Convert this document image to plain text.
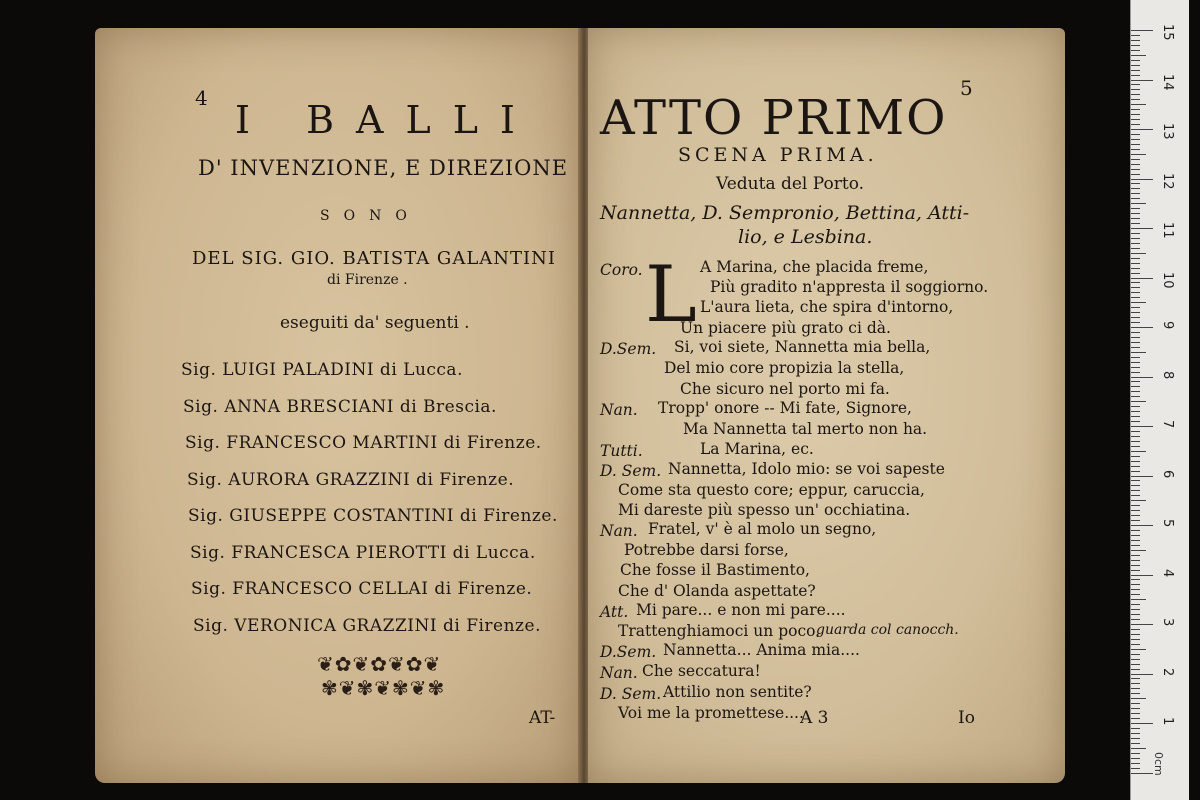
4 I BALLI
D' INVENZIONE, E DIREZIONE
SONO
DEL SIG. GIO. BATISTA GALANTINI
di Firenze .
eseguiti da' seguenti .
Sig. LUIGI PALADINI di Lucca.
Sig. ANNA BRESCIANI di Brescia.
Sig. FRANCESCO MARTINI di Firenze.
Sig. AURORA GRAZZINI di Firenze.
Sig. GIUSEPPE COSTANTINI di Firenze.
Sig. FRANCESCA PIEROTTI di Lucca.
Sig. FRANCESCO CELLAI di Firenze.
Sig. VERONICA GRAZZINI di Firenze.
❦✿❦✿❦✿❦
✾❦✾❦✾❦✾
AT-
5
ATTO PRIMO
SCENA PRIMA.
Veduta del Porto.
Nannetta, D. Sempronio, Bettina, Atti-
lio, e Lesbina.
L
Coro.	A Marina, che placida freme,
Più gradito n'appresta il soggiorno.
L'aura lieta, che spira d'intorno,
Un piacere più grato ci dà.
D.Sem. Si, voi siete, Nannetta mia bella,
Del mio core propizia la stella,
Che sicuro nel porto mi fa.
Nan. Tropp' onore -- Mi fate, Signore,
Ma Nannetta tal merto non ha.
Tutti.	La Marina, ec.
D. Sem. Nannetta, Idolo mio: se voi sapeste
Come sta questo core; eppur, caruccia,
Mi dareste più spesso un' occhiatina.
Nan. Fratel, v' è al molo un segno,
Potrebbe darsi forse,
Che fosse il Bastimento,
Che d' Olanda aspettate?
Att. Mi pare... e non mi pare....
Trattenghiamoci un poco.
guarda col canocch.
D.Sem. Nannetta... Anima mia....
Nan. Che seccatura!
D. Sem. Attilio non sentite?
Voi me la promettese....
A 3	Io
15
14
13
12
11
10
9
8
7
6
5
4
3
2
1
0cm
